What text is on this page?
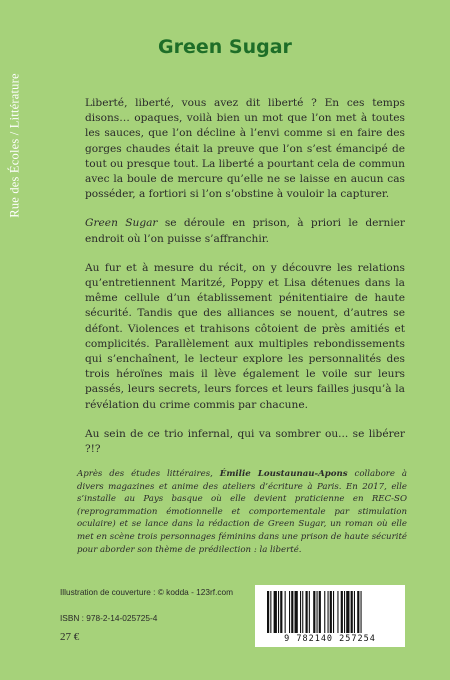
Rue des Écoles / Littérature
Green Sugar

Liberté, liberté, vous avez dit liberté ? En ces temps disons… opaques, voilà bien un mot que l’on met à toutes les sauces, que l’on décline à l’envi comme si en faire des gorges chaudes était la preuve que l’on s’est émancipé de tout ou presque tout. La liberté a pourtant cela de commun avec la boule de mercure qu’elle ne se laisse en aucun cas posséder, a fortiori si l’on s’obstine à vouloir la capturer.

Green Sugar se déroule en prison, à priori le dernier endroit où l’on puisse s’affranchir.

Au fur et à mesure du récit, on y découvre les relations qu’entretiennent Maritzé, Poppy et Lisa détenues dans la même cellule d’un établissement pénitentiaire de haute sécurité. Tandis que des alliances se nouent, d’autres se défont. Violences et trahisons côtoient de près amitiés et complicités. Parallèlement aux multiples rebondissements qui s’enchaînent, le lecteur explore les personnalités des trois héroïnes mais il lève également le voile sur leurs passés, leurs secrets, leurs forces et leurs failles jusqu’à la révélation du crime commis par chacune.

Au sein de ce trio infernal, qui va sombrer ou... se libérer ?!?

Après des études littéraires, Émilie Loustaunau-Apons collabore à divers magazines et anime des ateliers d’écriture à Paris. En 2017, elle s’installe au Pays basque où elle devient praticienne en REC-SO (reprogrammation émotionnelle et comportementale par stimulation oculaire) et se lance dans la rédaction de Green Sugar, un roman où elle met en scène trois personnages féminins dans une prison de haute sécurité pour aborder son thème de prédilection : la liberté.
Illustration de couverture : © kodda - 123rf.com
ISBN : 978-2-14-025725-4
27 €	9 782140 257254
